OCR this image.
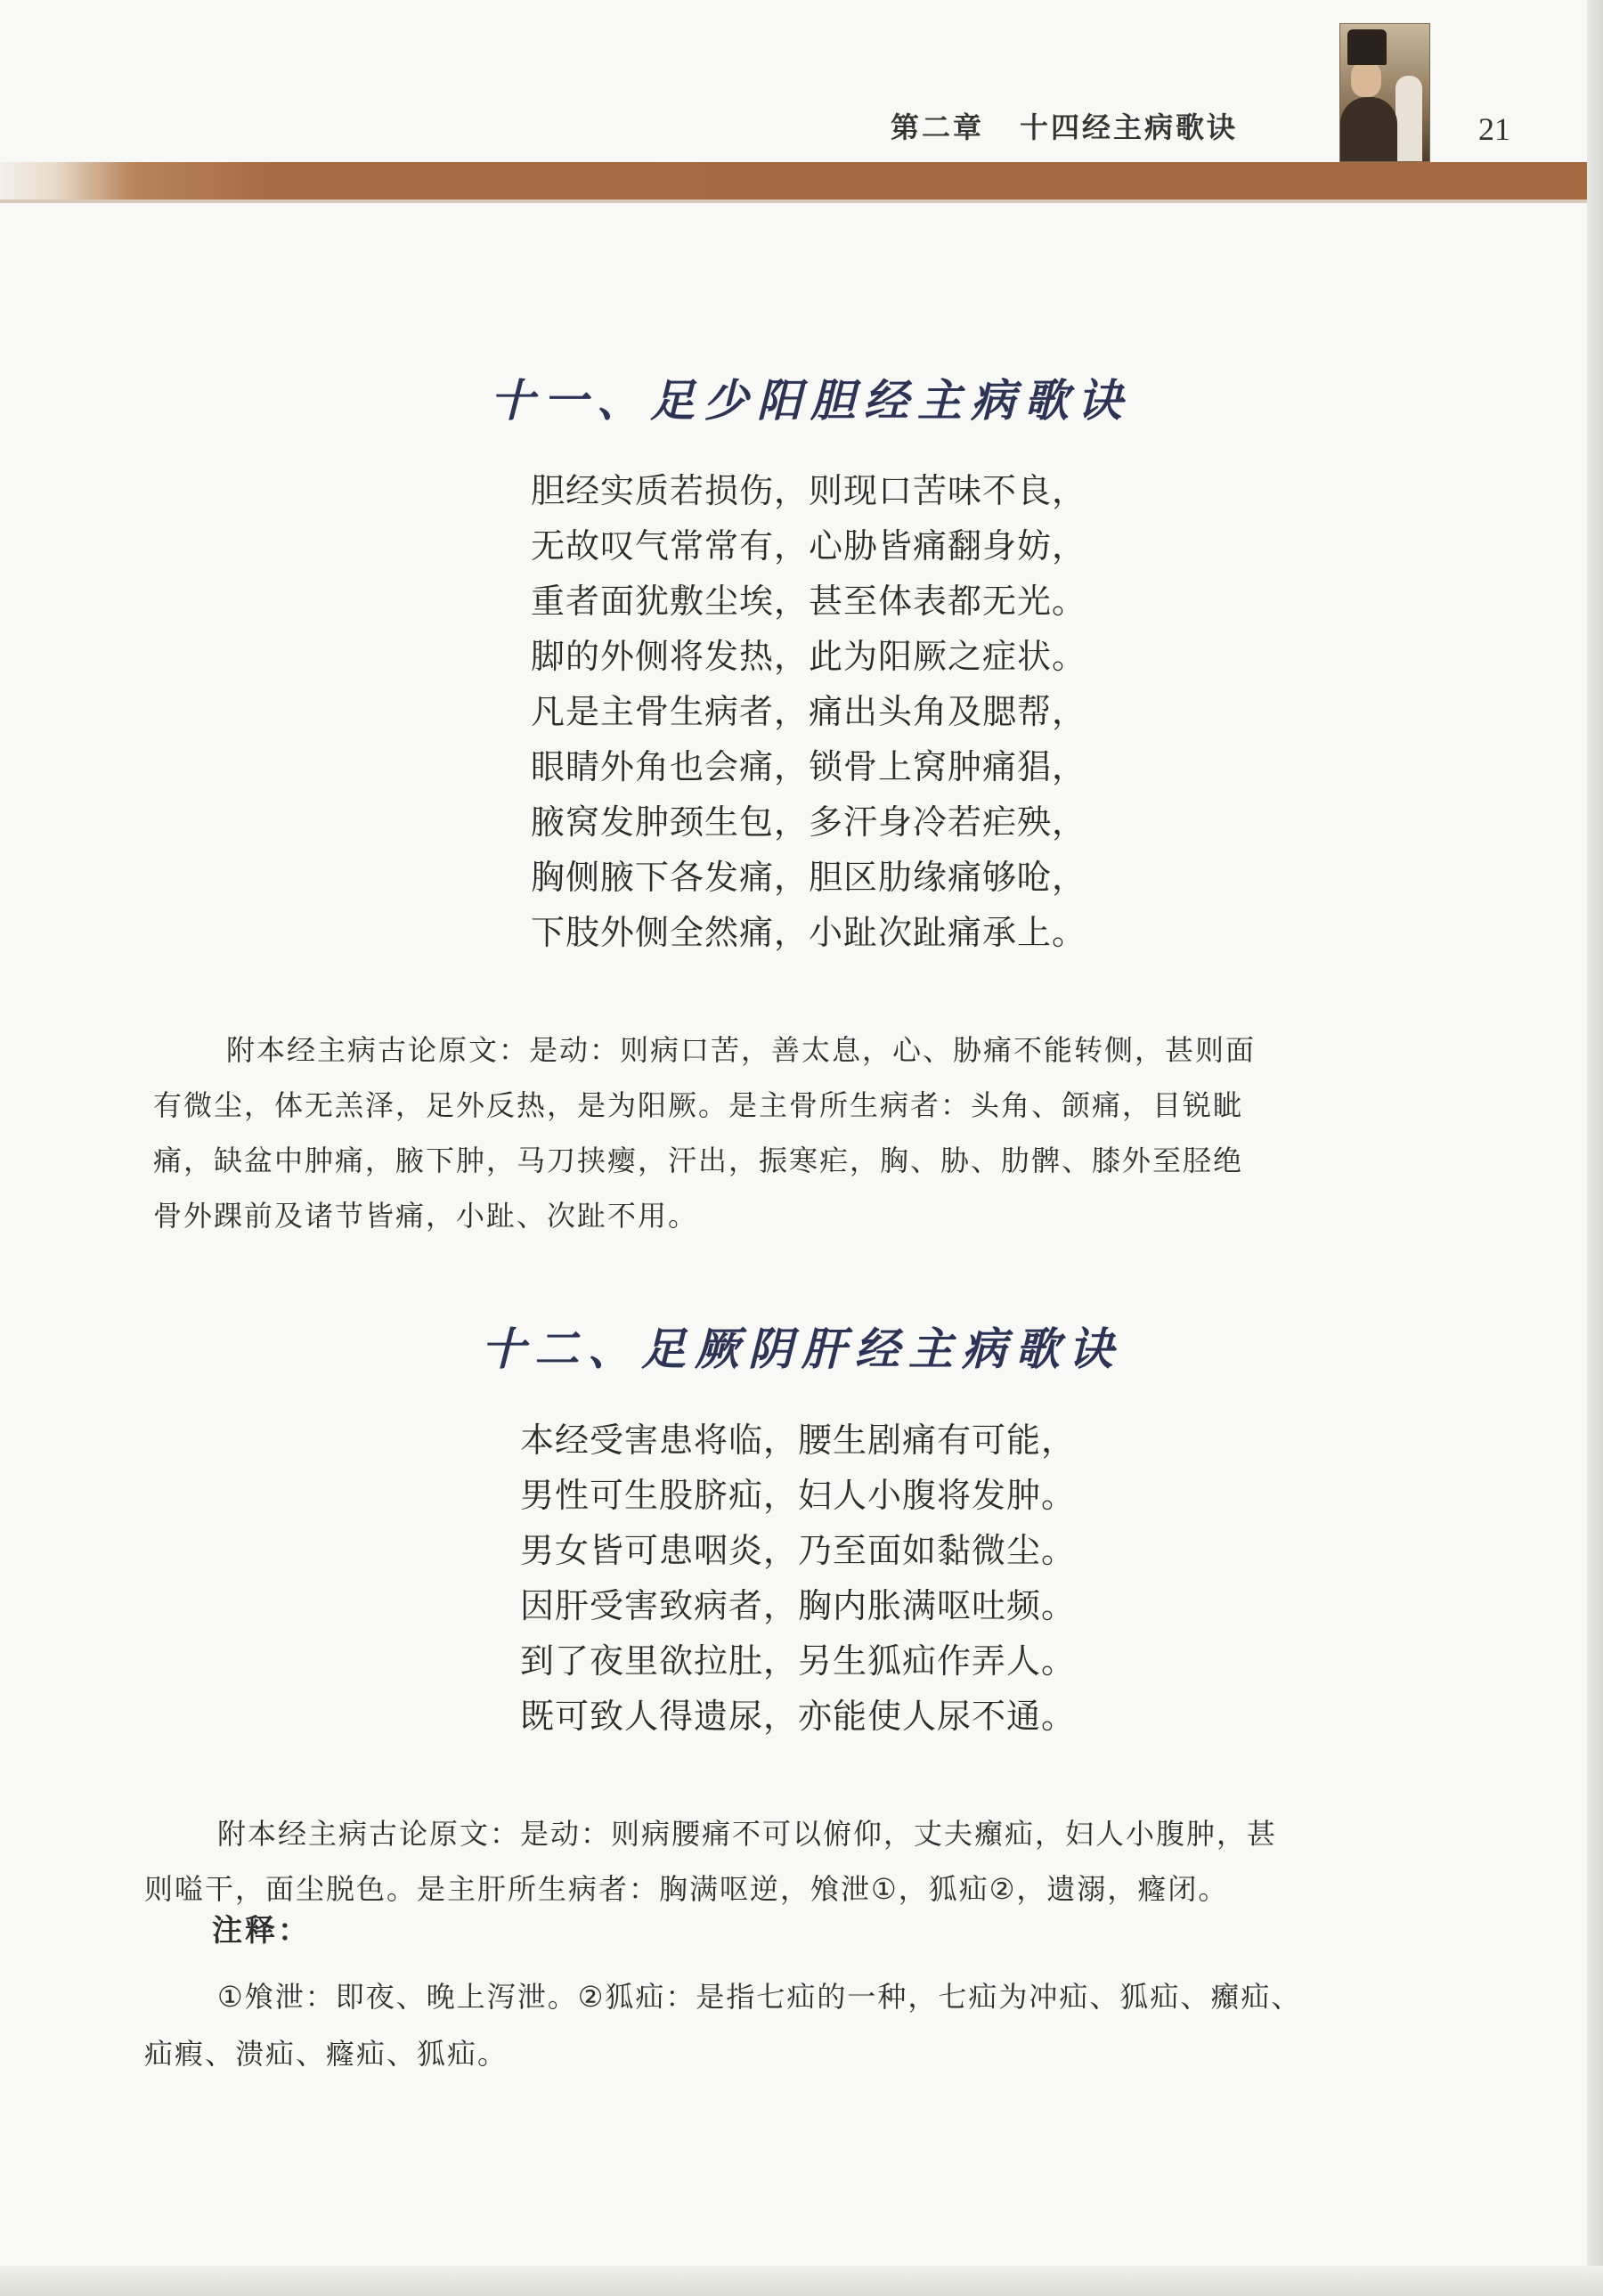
第二章 十四经主病歌诀	21
十一、足少阳胆经主病歌诀
胆经实质若损伤，则现口苦味不良，
无故叹气常常有，心胁皆痛翻身妨，
重者面犹敷尘埃，甚至体表都无光。
脚的外侧将发热，此为阳厥之症状。
凡是主骨生病者，痛出头角及腮帮，
眼睛外角也会痛，锁骨上窝肿痛猖，
腋窝发肿颈生包，多汗身冷若疟殃，
胸侧腋下各发痛，胆区肋缘痛够呛，
下肢外侧全然痛，小趾次趾痛承上。
附本经主病古论原文：是动：则病口苦，善太息，心、胁痛不能转侧，甚则面
有微尘，体无羔泽，足外反热，是为阳厥。是主骨所生病者：头角、颌痛，目锐眦
痛，缺盆中肿痛，腋下肿，马刀挟瘿，汗出，振寒疟，胸、胁、肋髀、膝外至胫绝
骨外踝前及诸节皆痛，小趾、次趾不用。
十二、足厥阴肝经主病歌诀
本经受害患将临，腰生剧痛有可能，
男性可生股脐疝，妇人小腹将发肿。
男女皆可患咽炎，乃至面如黏微尘。
因肝受害致病者，胸内胀满呕吐频。
到了夜里欲拉肚，另生狐疝作弄人。
既可致人得遗尿，亦能使人尿不通。
附本经主病古论原文：是动：则病腰痛不可以俯仰，丈夫㿗疝，妇人小腹肿，甚
则嗌干，面尘脱色。是主肝所生病者：胸满呕逆，飧泄①，狐疝②，遗溺，癃闭。
注释：
①飧泄：即夜、晚上泻泄。②狐疝：是指七疝的一种，七疝为冲疝、狐疝、㿗疝、
疝瘕、溃疝、癃疝、狐疝。
